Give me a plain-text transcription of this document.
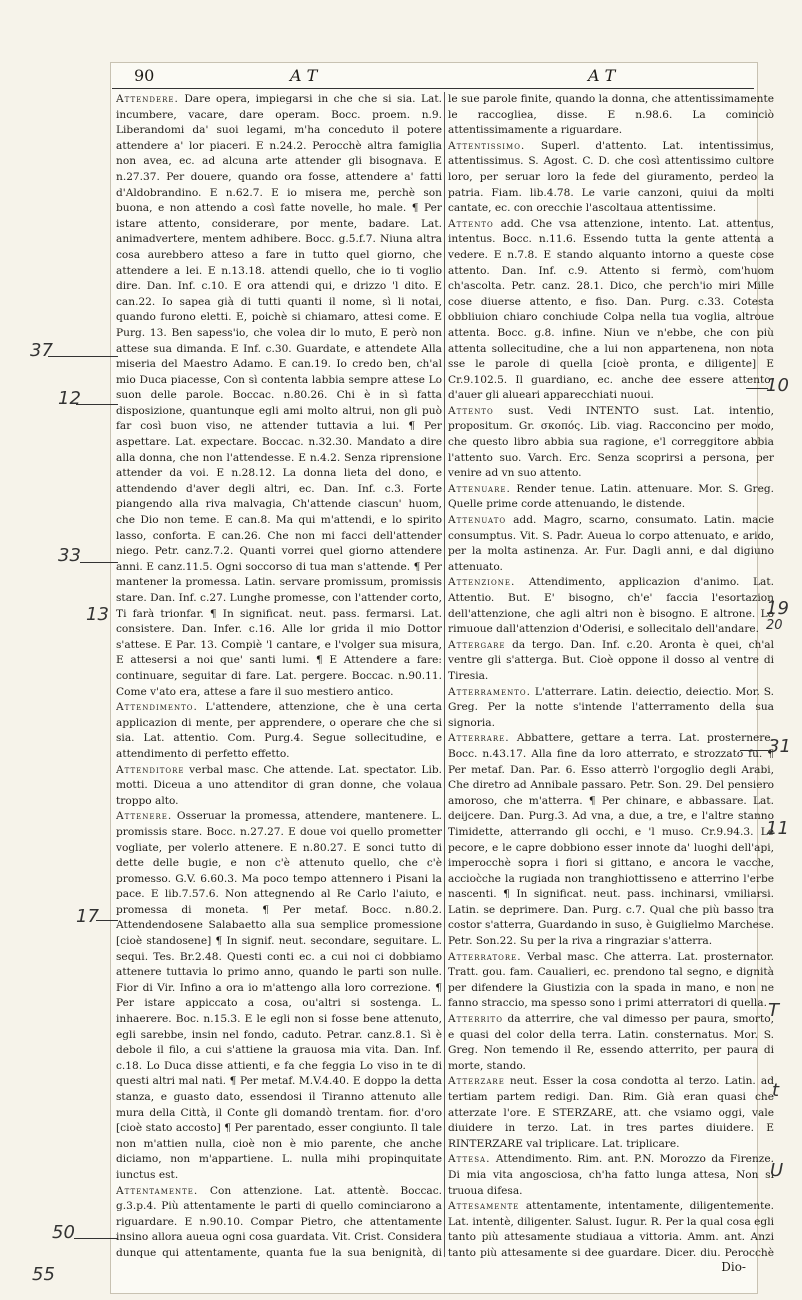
90	A T	A T

Attendere. Dare opera, impiegarsi in che che si sia. Lat. incumbere, vacare, dare operam. Bocc. proem. n.9. Liberandomi da' suoi legami, m'ha conceduto il potere attendere a' lor piaceri. E n.24.2. Perocchè altra famiglia non avea, ec. ad alcuna arte attender gli bisognava. E n.27.37. Per douere, quando ora fosse, attendere a' fatti d'Aldobrandino. E n.62.7. E io misera me, perchè son buona, e non attendo a così fatte novelle, ho male. ¶ Per istare attento, considerare, por mente, badare. Lat. animadvertere, mentem adhibere. Bocc. g.5.f.7. Niuna altra cosa aurebbero atteso a fare in tutto quel giorno, che attendere a lei. E n.13.18. attendi quello, che io ti voglio dire. Dan. Inf. c.10. E ora attendi qui, e drizzo 'l dito. E can.22. Io sapea già di tutti quanti il nome, sì li notai, quando furono eletti. E, poichè si chiamaro, attesi come. E Purg. 13. Ben sapess'io, che volea dir lo muto, E però non attese sua dimanda. E Inf. c.30. Guardate, e attendete Alla miseria del Maestro Adamo. E can.19. Io credo ben, ch'al mio Duca piacesse, Con sì contenta labbia sempre attese Lo suon delle parole. Boccac. n.80.26. Chi è in sì fatta disposizione, quantunque egli ami molto altrui, non gli può far così buon viso, ne attender tuttavia a lui. ¶ Per aspettare. Lat. expectare. Boccac. n.32.30. Mandato a dire alla donna, che non l'attendesse. E n.4.2. Senza riprensione attender da voi. E n.28.12. La donna lieta del dono, e attendendo d'aver degli altri, ec. Dan. Inf. c.3. Forte piangendo alla riva malvagia, Ch'attende ciascun' huom, che Dio non teme. E can.8. Ma qui m'attendi, e lo spirito lasso, conforta. E can.26. Che non mi facci dell'attender niego. Petr. canz.7.2. Quanti vorrei quel giorno attendere anni. E canz.11.5. Ogni soccorso di tua man s'attende. ¶ Per mantener la promessa. Latin. servare promissum, promissis stare. Dan. Inf. c.27. Lunghe promesse, con l'attender corto, Ti farà trionfar. ¶ In significat. neut. pass. fermarsi. Lat. consistere. Dan. Infer. c.16. Alle lor grida il mio Dottor s'attese. E Par. 13. Compiè 'l cantare, e l'volger sua misura, E attesersi a noi que' santi lumi. ¶ E Attendere a fare: continuare, seguitar di fare. Lat. pergere. Boccac. n.90.11. Come v'ato era, attese a fare il suo mestiero antico.

Attendimento. L'attendere, attenzione, che è una certa applicazion di mente, per apprendere, o operare che che si sia. Lat. attentio. Com. Purg.4. Segue sollecitudine, e attendimento di perfetto effetto.

Attenditore verbal masc. Che attende. Lat. spectator. Lib. motti. Diceua a uno attenditor di gran donne, che volaua troppo alto.

Attenere. Osseruar la promessa, attendere, mantenere. L. promissis stare. Bocc. n.27.27. E doue voi quello prometter vogliate, per volerlo attenere. E n.80.27. E sonci tutto di dette delle bugie, e non c'è attenuto quello, che c'è promesso. G.V. 6.60.3. Ma poco tempo attennero i Pisani la pace. E lib.7.57.6. Non attegnendo al Re Carlo l'aiuto, e promessa di moneta. ¶ Per metaf. Bocc. n.80.2. Attendendosene Salabaetto alla sua semplice promessione [cioè standosene] ¶ In signif. neut. secondare, seguitare. L. sequi. Tes. Br.2.48. Questi conti ec. a cui noi ci dobbiamo attenere tuttavia lo primo anno, quando le parti son nulle. Fior di Vir. Infino a ora io m'attengo alla loro correzione. ¶ Per istare appiccato a cosa, ou'altri si sostenga. L. inhaerere. Boc. n.15.3. E le egli non si fosse bene attenuto, egli sarebbe, insin nel fondo, caduto. Petrar. canz.8.1. Sì è debole il filo, a cui s'attiene la grauosa mia vita. Dan. Inf. c.18. Lo Duca disse attienti, e fa che feggia Lo viso in te di questi altri mal nati. ¶ Per metaf. M.V.4.40. E doppo la detta stanza, e guasto dato, essendosi il Tiranno attenuto alle mura della Città, il Conte gli domandò trentam. fior. d'oro [cioè stato accosto] ¶ Per parentado, esser congiunto. Il tale non m'attien nulla, cioè non è mio parente, che anche diciamo, non m'appartiene. L. nulla mihi propinquitate iunctus est.

Attentamente. Con attenzione. Lat. attentè. Boccac. g.3.p.4. Più attentamente le parti di quello cominciarono a riguardare. E n.90.10. Compar Pietro, che attentamente insino allora aueua ogni cosa guardata. Vit. Crist. Considera dunque qui attentamente, quanta fue la sua benignità, di

le sue parole finite, quando la donna, che attentissimamente le raccogliea, disse. E n.98.6. La cominciò attentissimamente a riguardare.

Attentissimo. Superl. d'attento. Lat. intentissimus, attentissimus. S. Agost. C. D. che così attentissimo cultore loro, per seruar loro la fede del giuramento, perdeo la patria. Fiam. lib.4.78. Le varie canzoni, quiui da molti cantate, ec. con orecchie l'ascoltaua attentissime.

Attento add. Che vsa attenzione, intento. Lat. attentus, intentus. Bocc. n.11.6. Essendo tutta la gente attenta a vedere. E n.7.8. E stando alquanto intorno a queste cose attento. Dan. Inf. c.9. Attento si fermò, com'huom ch'ascolta. Petr. canz. 28.1. Dico, che perch'io miri Mille cose diuerse attento, e fiso. Dan. Purg. c.33. Cotesta obbliuion chiaro conchiude Colpa nella tua voglia, altroue attenta. Bocc. g.8. infine. Niun ve n'ebbe, che con più attenta sollecitudine, che a lui non appartenena, non nota sse le parole di quella [cioè pronta, e diligente] E Cr.9.102.5. Il guardiano, ec. anche dee essere attento, d'auer gli alueari apparecchiati nuoui.

Attento sust. Vedi INTENTO sust. Lat. intentio, propositum. Gr. σκοπός. Lib. viag. Racconcino per modo, che questo libro abbia sua ragione, e'l correggitore abbia l'attento suo. Varch. Erc. Senza scoprirsi a persona, per venire ad vn suo attento.

Attenuare. Render tenue. Latin. attenuare. Mor. S. Greg. Quelle prime corde attenuando, le distende.

Attenuato add. Magro, scarno, consumato. Latin. macie consumptus. Vit. S. Padr. Aueua lo corpo attenuato, e arido, per la molta astinenza. Ar. Fur. Dagli anni, e dal digiuno attenuato.

Attenzione. Attendimento, applicazion d'animo. Lat. Attentio. But. E' bisogno, ch'e' faccia l'esortazion dell'attenzione, che agli altri non è bisogno. E altrone. Lo rimuoue dall'attenzion d'Oderisi, e sollecitalo dell'andare.

Attergare da tergo. Dan. Inf. c.20. Aronta è quei, ch'al ventre gli s'atterga. But. Cioè oppone il dosso al ventre di Tiresia.

Atterramento. L'atterrare. Latin. deiectio, deiectio. Mor. S. Greg. Per la notte s'intende l'atterramento della sua signoria.

Atterrare. Abbattere, gettare a terra. Lat. prosternere. Bocc. n.43.17. Alla fine da loro atterrato, e strozzato fu. ¶ Per metaf. Dan. Par. 6. Esso atterrò l'orgoglio degli Arabi, Che diretro ad Annibale passaro. Petr. Son. 29. Del pensiero amoroso, che m'atterra. ¶ Per chinare, e abbassare. Lat. deijcere. Dan. Purg.3. Ad vna, a due, a tre, e l'altre stanno Timidette, atterrando gli occhi, e 'l muso. Cr.9.94.3. Le pecore, e le capre dobbiono esser innote da' luoghi dell'api, imperocchè sopra i fiori si gittano, e ancora le vacche, accioc̀che la rugiada non tranghiottisseno e atterrino l'erbe nascenti. ¶ In significat. neut. pass. inchinarsi, vmiliarsi. Latin. se deprimere. Dan. Purg. c.7. Qual che più basso tra costor s'atterra, Guardando in suso, è Guiglielmo Marchese. Petr. Son.22. Su per la riva a ringraziar s'atterra.

Atterratore. Verbal masc. Che atterra. Lat. prosternator. Tratt. gou. fam. Caualieri, ec. prendono tal segno, e dignità per difendere la Giustizia con la spada in mano, e non ne fanno straccio, ma spesso sono i primi atterratori di quella.

Atterrito da atterrire, che val dimesso per paura, smorto, e quasi del color della terra. Latin. consternatus. Mor. S. Greg. Non temendo il Re, essendo atterrito, per paura di morte, stando.

Atterzare neut. Esser la cosa condotta al terzo. Latin. ad tertiam partem redigi. Dan. Rim. Già eran quasi che atterzate l'ore. E STERZARE, att. che vsiamo oggi, vale diuidere in terzo. Lat. in tres partes diuidere. E RINTERZARE val triplicare. Lat. triplicare.

Attesa. Attendimento. Rim. ant. P.N. Morozzo da Firenze. Di mia vita angosciosa, ch'ha fatto lunga attesa, Non si truoua difesa.

Attesamente attentamente, intentamente, diligentemente. Lat. intentè, diligenter. Salust. Iugur. R. Per la qual cosa egli tanto più attesamente studiaua a vittoria. Amm. ant. Anzi tanto più attesamente si dee guardare. Dicer. diu. Perocchè

Dio-
37
12
33
13
17
50
55
10
19
20
31
11
T
t
U
